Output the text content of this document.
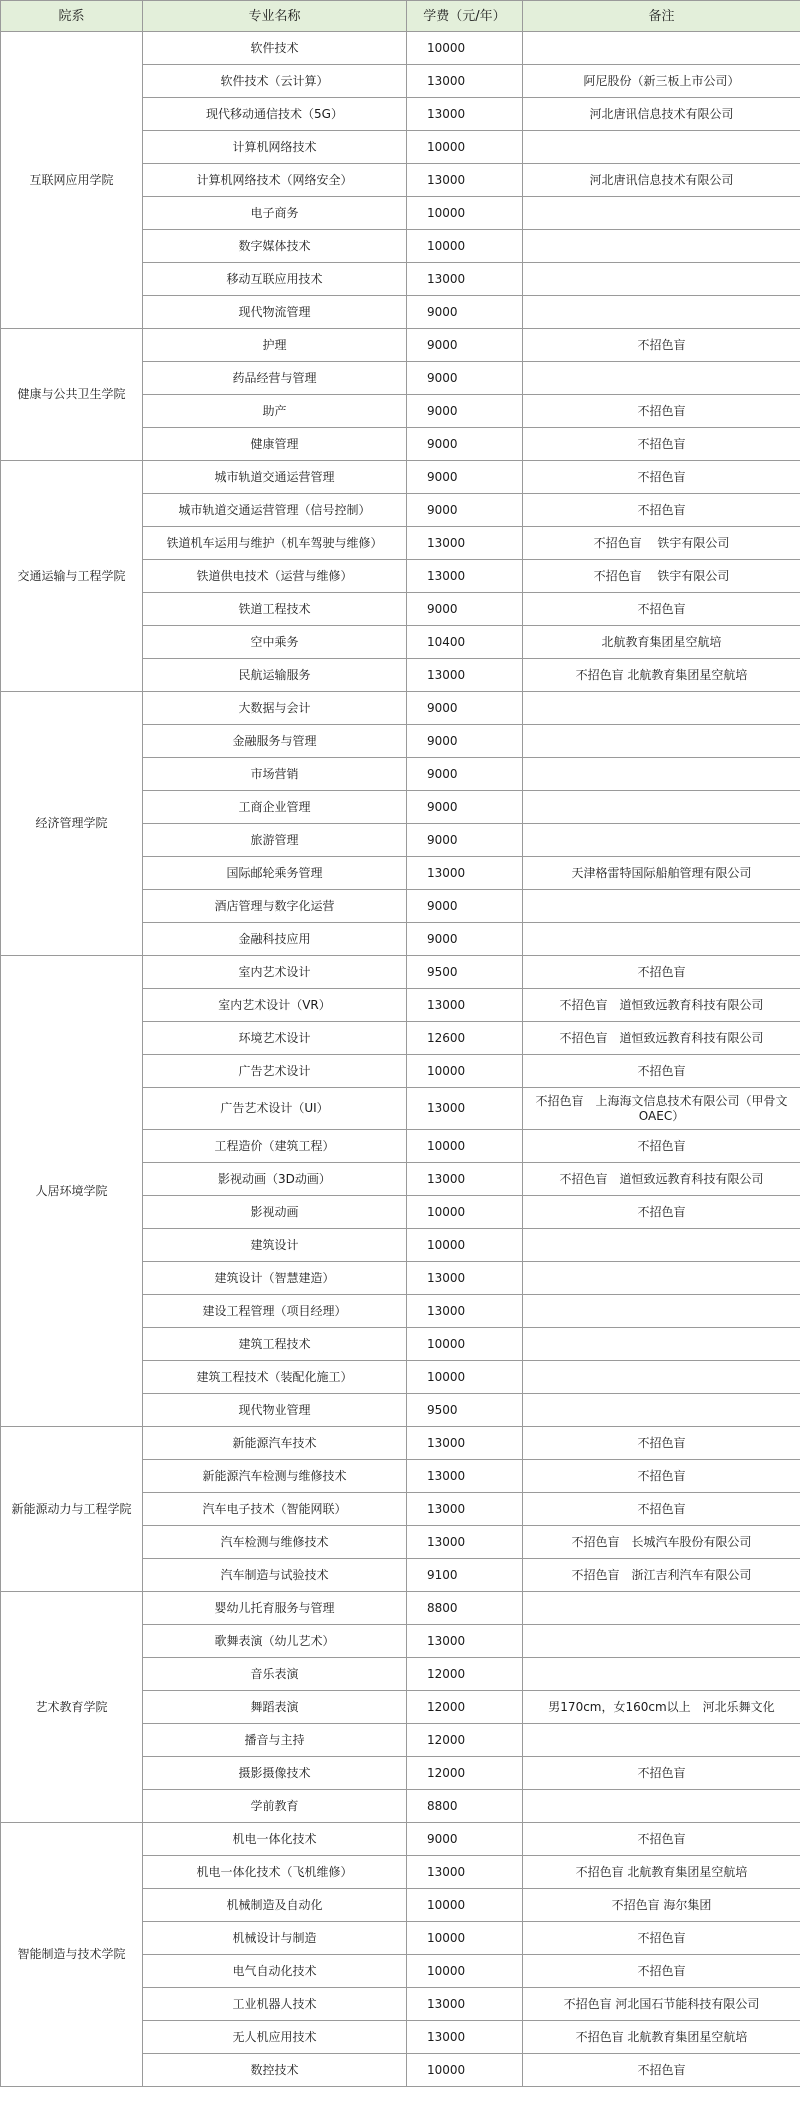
院系	专业名称	学费（元/年）	备注
互联网应用学院	软件技术	10000	
	软件技术（云计算）	13000	阿尼股份（新三板上市公司）
	现代移动通信技术（5G）	13000	河北唐讯信息技术有限公司
	计算机网络技术	10000	
	计算机网络技术（网络安全）	13000	河北唐讯信息技术有限公司
	电子商务	10000	
	数字媒体技术	10000	
	移动互联应用技术	13000	
	现代物流管理	9000	
健康与公共卫生学院	护理	9000	不招色盲
	药品经营与管理	9000	
	助产	9000	不招色盲
	健康管理	9000	不招色盲
交通运输与工程学院	城市轨道交通运营管理	9000	不招色盲
	城市轨道交通运营管理（信号控制）	9000	不招色盲
	铁道机车运用与维护（机车驾驶与维修）	13000	不招色盲　 铁宇有限公司
	铁道供电技术（运营与维修）	13000	不招色盲　 铁宇有限公司
	铁道工程技术	9000	不招色盲
	空中乘务	10400	北航教育集团星空航培
	民航运输服务	13000	不招色盲 北航教育集团星空航培
经济管理学院	大数据与会计	9000	
	金融服务与管理	9000	
	市场营销	9000	
	工商企业管理	9000	
	旅游管理	9000	
	国际邮轮乘务管理	13000	天津格雷特国际船舶管理有限公司
	酒店管理与数字化运营	9000	
	金融科技应用	9000	
人居环境学院	室内艺术设计	9500	不招色盲
	室内艺术设计（VR）	13000	不招色盲　道恒致远教育科技有限公司
	环境艺术设计	12600	不招色盲　道恒致远教育科技有限公司
	广告艺术设计	10000	不招色盲
	广告艺术设计（UI）	13000	不招色盲　上海海文信息技术有限公司（甲骨文OAEC）
	工程造价（建筑工程）	10000	不招色盲
	影视动画（3D动画）	13000	不招色盲　道恒致远教育科技有限公司
	影视动画	10000	不招色盲
	建筑设计	10000	
	建筑设计（智慧建造）	13000	
	建设工程管理（项目经理）	13000	
	建筑工程技术	10000	
	建筑工程技术（装配化施工）	10000	
	现代物业管理	9500	
新能源动力与工程学院	新能源汽车技术	13000	不招色盲
	新能源汽车检测与维修技术	13000	不招色盲
	汽车电子技术（智能网联）	13000	不招色盲
	汽车检测与维修技术	13000	不招色盲　长城汽车股份有限公司
	汽车制造与试验技术	9100	不招色盲　浙江吉利汽车有限公司
艺术教育学院	婴幼儿托育服务与管理	8800	
	歌舞表演（幼儿艺术）	13000	
	音乐表演	12000	
	舞蹈表演	12000	男170cm，女160cm以上　河北乐舞文化
	播音与主持	12000	
	摄影摄像技术	12000	不招色盲
	学前教育	8800	
智能制造与技术学院	机电一体化技术	9000	不招色盲
	机电一体化技术（飞机维修）	13000	不招色盲 北航教育集团星空航培
	机械制造及自动化	10000	不招色盲 海尔集团
	机械设计与制造	10000	不招色盲
	电气自动化技术	10000	不招色盲
	工业机器人技术	13000	不招色盲 河北国石节能科技有限公司
	无人机应用技术	13000	不招色盲 北航教育集团星空航培
	数控技术	10000	不招色盲
